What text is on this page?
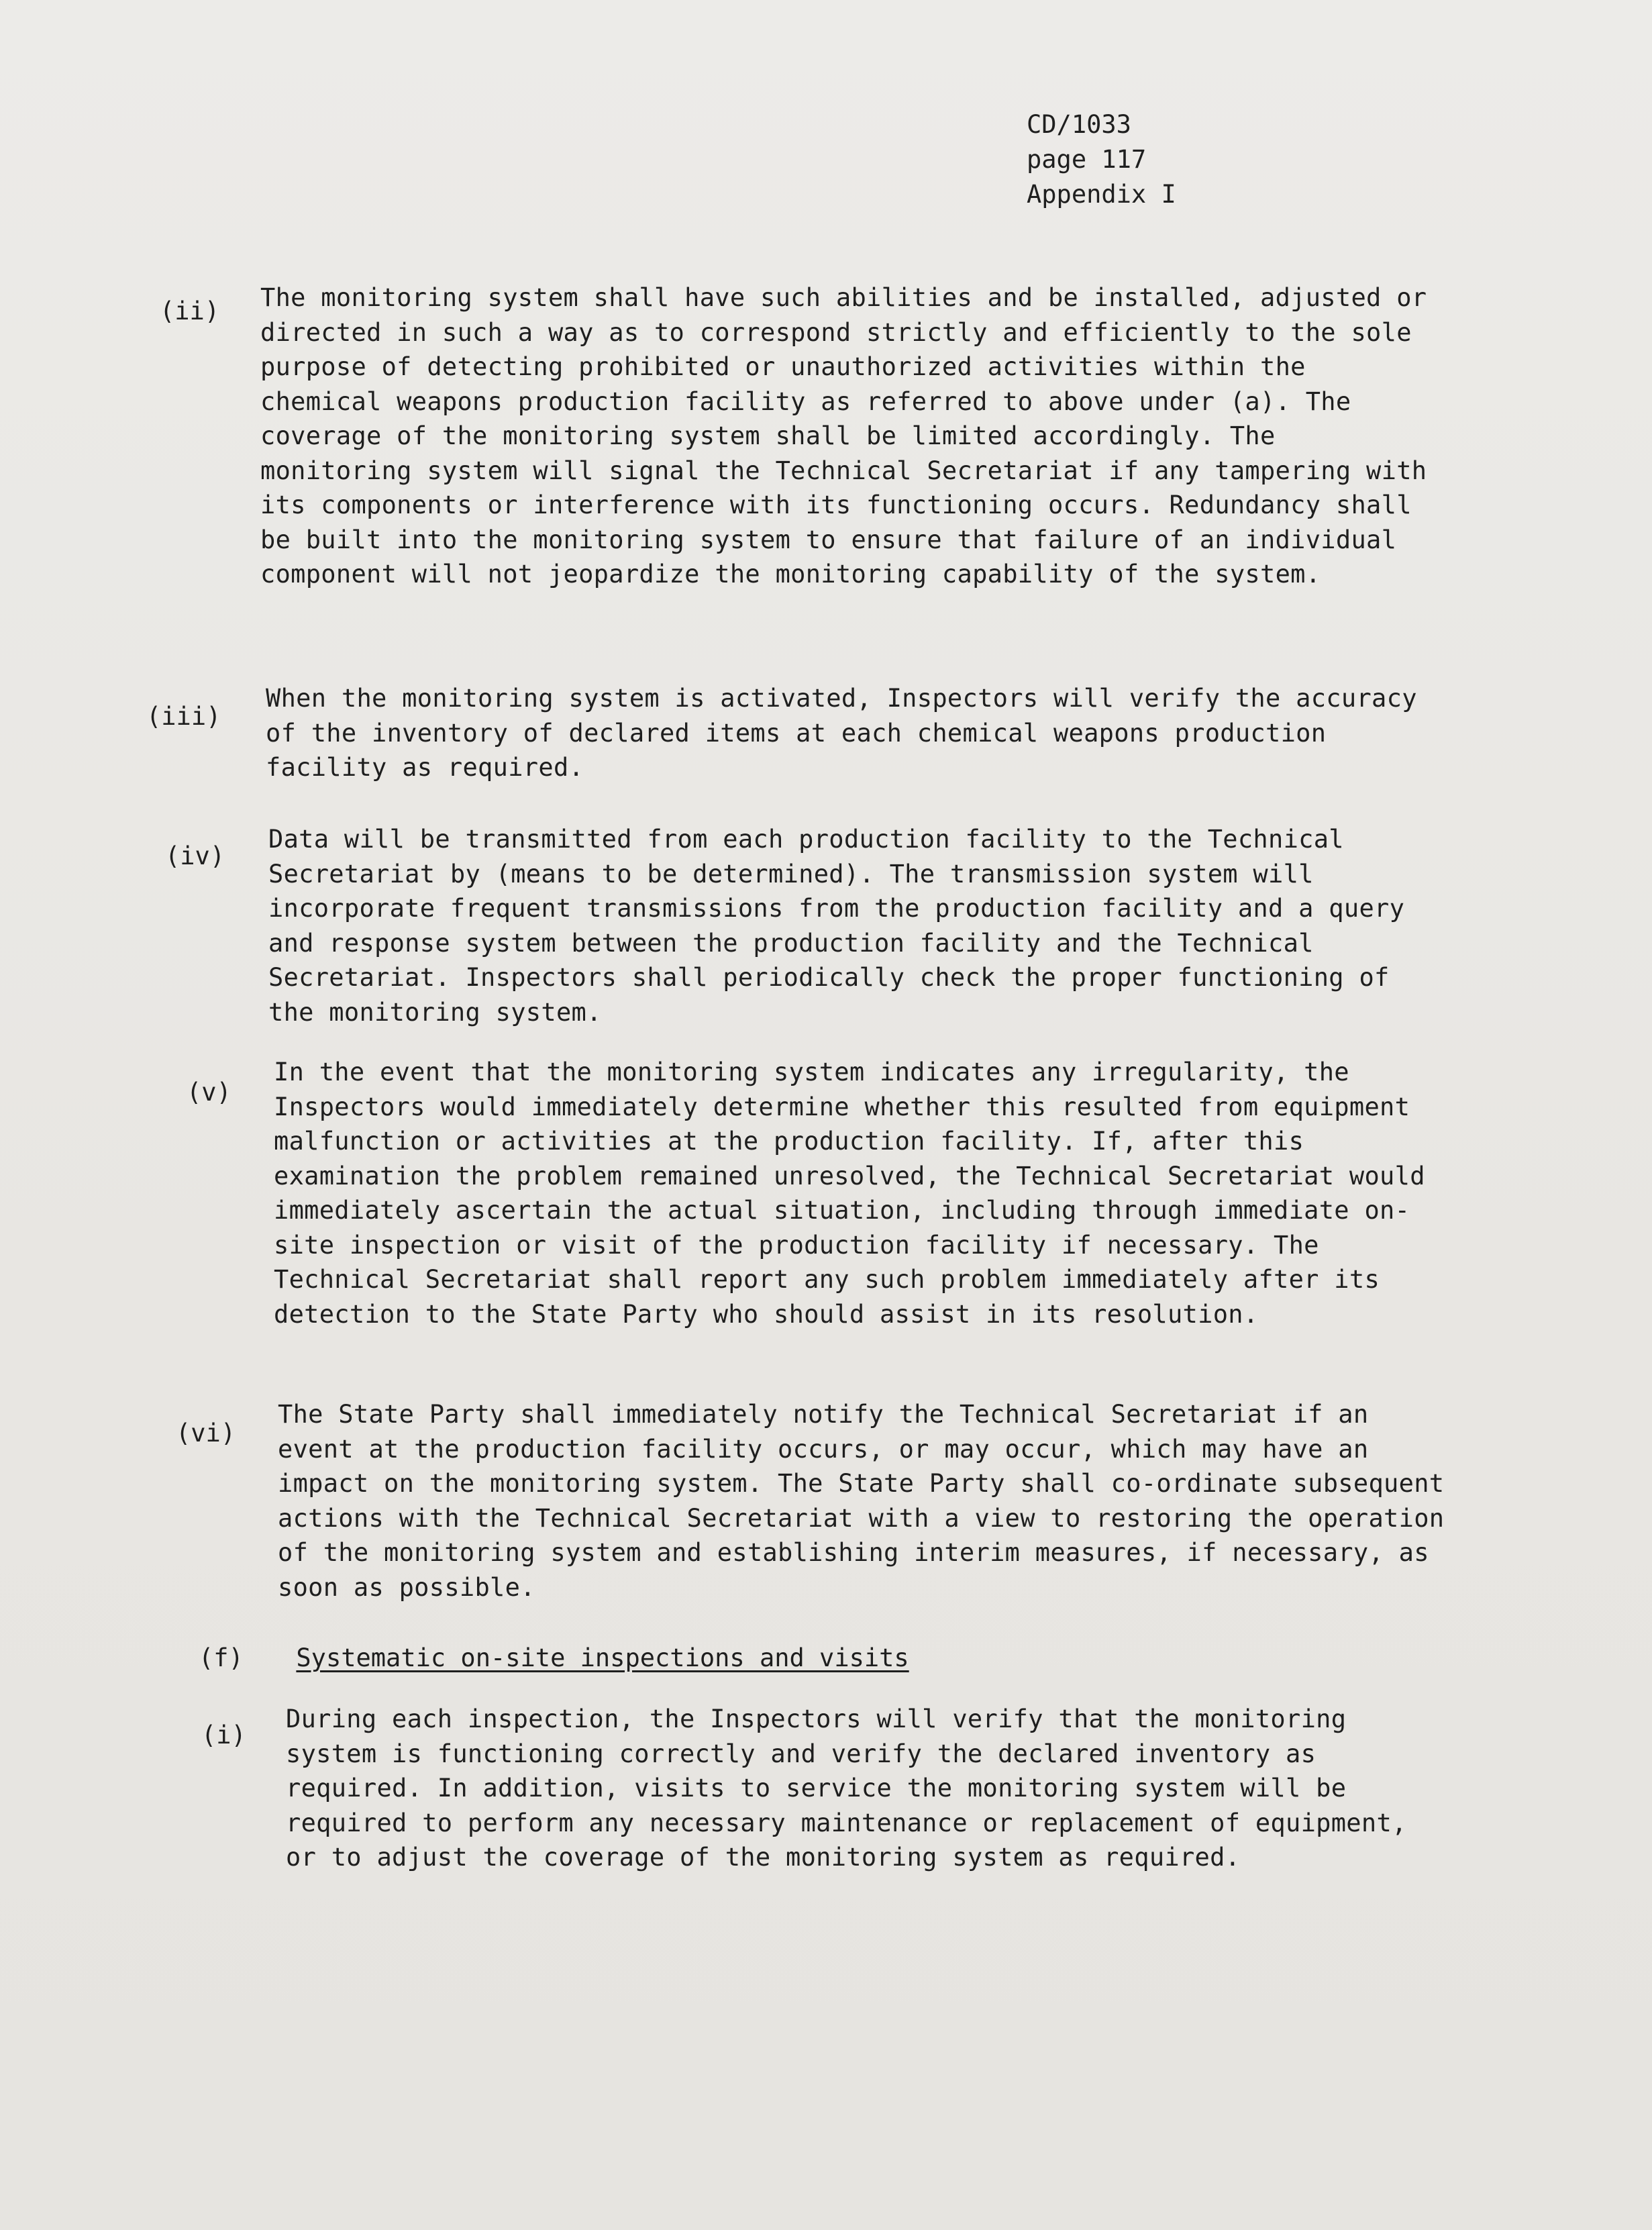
CD/1033
page 117
Appendix I
(ii) The monitoring system shall have such abilities and be installed, adjusted or directed in such a way as to correspond strictly and efficiently to the sole purpose of detecting prohibited or unauthorized activities within the chemical weapons production facility as referred to above under (a). The coverage of the monitoring system shall be limited accordingly. The monitoring system will signal the Technical Secretariat if any tampering with its components or interference with its functioning occurs. Redundancy shall be built into the monitoring system to ensure that failure of an individual component will not jeopardize the monitoring capability of the system.
(iii)
When the monitoring system is activated, Inspectors will verify the accuracy of the inventory of declared items at each chemical weapons production facility as required.
(iv)
Data will be transmitted from each production facility to the Technical Secretariat by (means to be determined). The transmission system will incorporate frequent transmissions from the production facility and a query and response system between the production facility and the Technical Secretariat. Inspectors shall periodically check the proper functioning of the monitoring system.
(v)
In the event that the monitoring system indicates any irregularity, the Inspectors would immediately determine whether this resulted from equipment malfunction or activities at the production facility. If, after this examination the problem remained unresolved, the Technical Secretariat would immediately ascertain the actual situation, including through immediate on-site inspection or visit of the production facility if necessary. The Technical Secretariat shall report any such problem immediately after its detection to the State Party who should assist in its resolution.
(vi)
The State Party shall immediately notify the Technical Secretariat if an event at the production facility occurs, or may occur, which may have an impact on the monitoring system. The State Party shall co-ordinate subsequent actions with the Technical Secretariat with a view to restoring the operation of the monitoring system and establishing interim measures, if necessary, as soon as possible.
(f) Systematic on-site inspections and visits
(i)
During each inspection, the Inspectors will verify that the monitoring system is functioning correctly and verify the declared inventory as required. In addition, visits to service the monitoring system will be required to perform any necessary maintenance or replacement of equipment, or to adjust the coverage of the monitoring system as required.
